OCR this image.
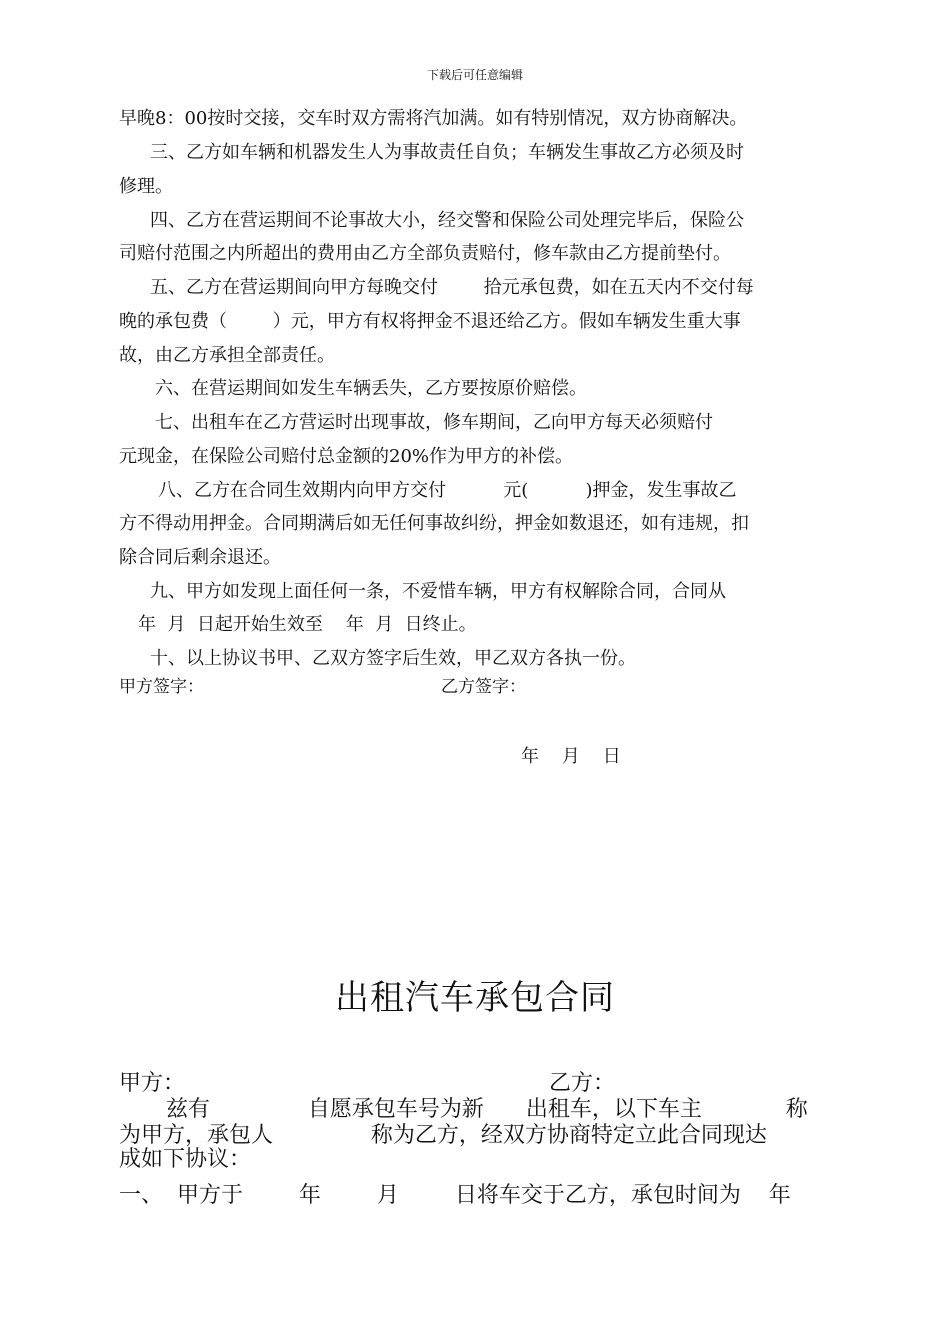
下载后可任意编辑
早晚8：00按时交接，交车时双方需将汽加满。如有特别情况，双方协商解决。
三、乙方如车辆和机器发生人为事故责任自负；车辆发生事故乙方必须及时
修理。
四、乙方在营运期间不论事故大小，经交警和保险公司处理完毕后，保险公
司赔付范围之内所超出的费用由乙方全部负责赔付，修车款由乙方提前垫付。
五、乙方在营运期间向甲方每晚交付        拾元承包费，如在五天内不交付每
晚的承包费（        ）元，甲方有权将押金不退还给乙方。假如车辆发生重大事
故，由乙方承担全部责任。
六、在营运期间如发生车辆丢失，乙方要按原价赔偿。
七、出租车在乙方营运时出现事故，修车期间，乙向甲方每天必须赔付
元现金，在保险公司赔付总金额的20%作为甲方的补偿。
八、乙方在合同生效期内向甲方交付          元(          )押金，发生事故乙
方不得动用押金。合同期满后如无任何事故纠纷，押金如数退还，如有违规，扣
除合同后剩余退还。
九、甲方如发现上面任何一条，不爱惜车辆，甲方有权解除合同，合同从
年  月  日起开始生效至    年  月  日终止。
十、以上协议书甲、乙双方签字后生效，甲乙双方各执一份。
甲方签字：	乙方签字：
年    月    日
出租汽车承包合同
甲方：	乙方：
兹有              自愿承包车号为新      出租车，以下车主            称
为甲方，承包人              称为乙方，经双方协商特定立此合同现达
成如下协议：
一、  甲方于        年        月        日将车交于乙方，承包时间为    年
